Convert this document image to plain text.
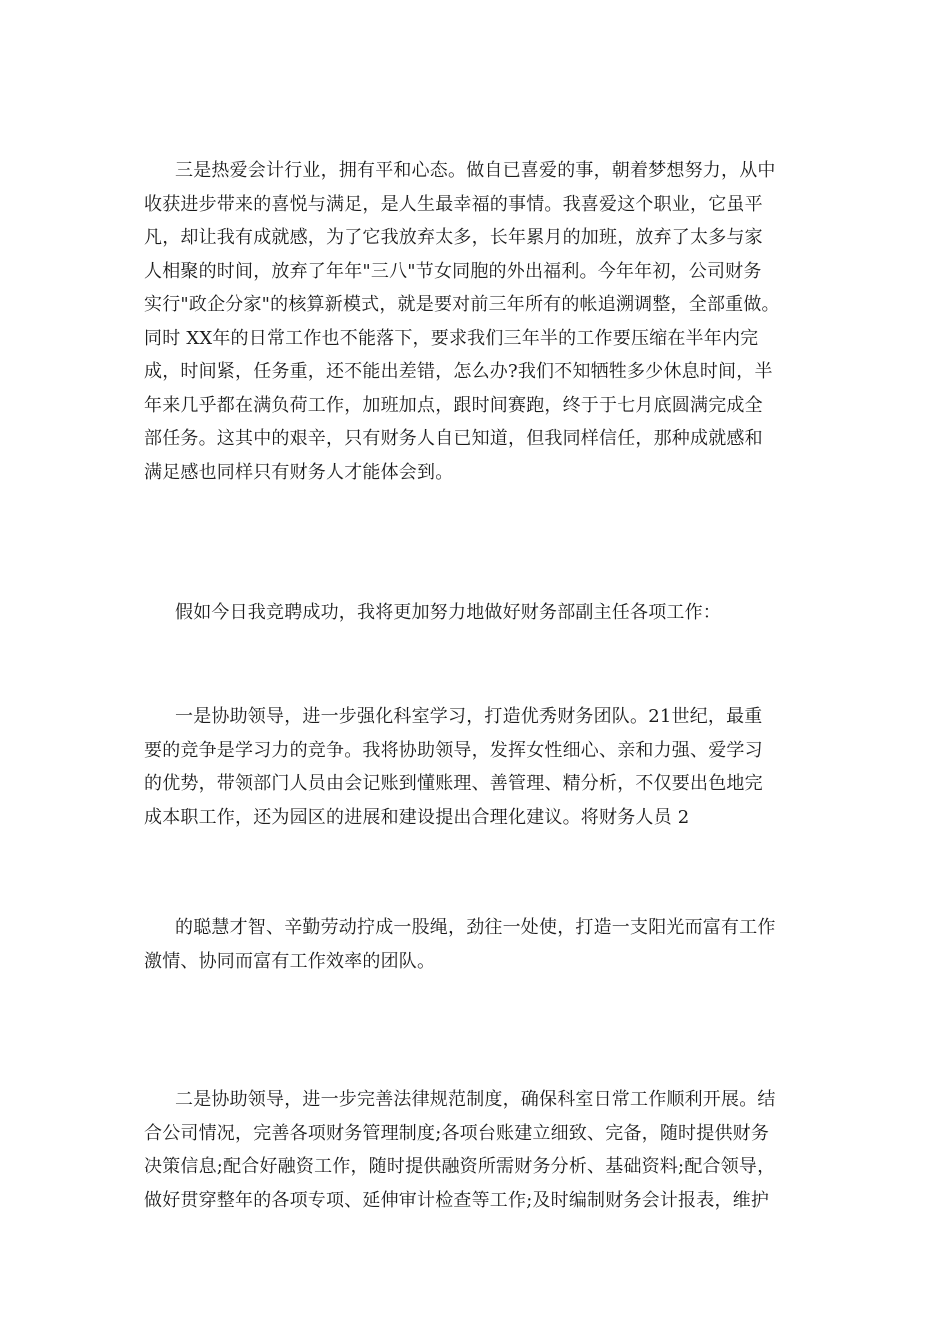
三是热爱会计行业，拥有平和心态。做自已喜爱的事，朝着梦想努力，从中
收获进步带来的喜悦与满足，是人生最幸福的事情。我喜爱这个职业，它虽平
凡，却让我有成就感，为了它我放弃太多，长年累月的加班，放弃了太多与家
人相聚的时间，放弃了年年"三八"节女同胞的外出福利。今年年初，公司财务
实行"政企分家"的核算新模式，就是要对前三年所有的帐追溯调整，全部重做。
同时 XX年的日常工作也不能落下，要求我们三年半的工作要压缩在半年内完
成，时间紧，任务重，还不能出差错，怎么办?我们不知牺牲多少休息时间，半
年来几乎都在满负荷工作，加班加点，跟时间赛跑，终于于七月底圆满完成全
部任务。这其中的艰辛，只有财务人自已知道，但我同样信任，那种成就感和
满足感也同样只有财务人才能体会到。
假如今日我竞聘成功，我将更加努力地做好财务部副主任各项工作：
一是协助领导，进一步强化科室学习，打造优秀财务团队。21世纪，最重
要的竞争是学习力的竞争。我将协助领导，发挥女性细心、亲和力强、爱学习
的优势，带领部门人员由会记账到懂账理、善管理、精分析，不仅要出色地完
成本职工作，还为园区的进展和建设提出合理化建议。将财务人员 2
的聪慧才智、辛勤劳动拧成一股绳，劲往一处使，打造一支阳光而富有工作
激情、协同而富有工作效率的团队。
二是协助领导，进一步完善法律规范制度，确保科室日常工作顺利开展。结
合公司情况，完善各项财务管理制度;各项台账建立细致、完备，随时提供财务
决策信息;配合好融资工作，随时提供融资所需财务分析、基础资料;配合领导，
做好贯穿整年的各项专项、延伸审计检查等工作;及时编制财务会计报表，维护
